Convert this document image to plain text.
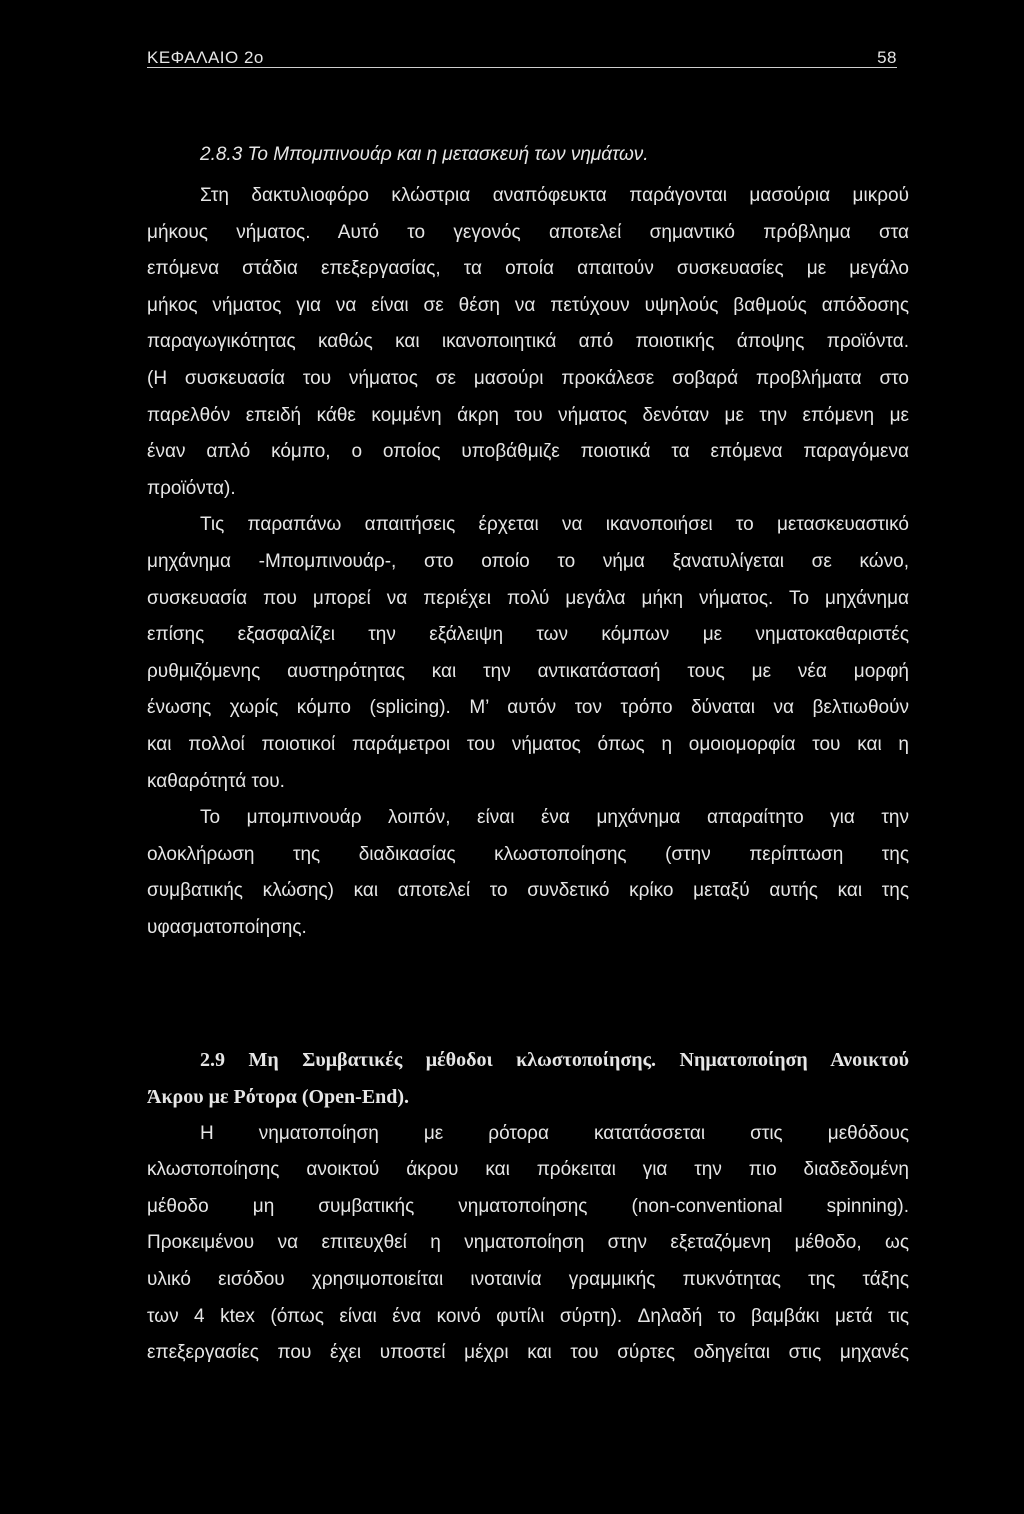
ΚΕΦΑΛΑΙΟ 2ο	58
2.8.3 Το Μπομπινουάρ και η μετασκευή των νημάτων.
Στη δακτυλιοφόρο κλώστρια αναπόφευκτα παράγονται μασούρια μικρού
μήκους νήματος. Αυτό το γεγονός αποτελεί σημαντικό πρόβλημα στα
επόμενα στάδια επεξεργασίας, τα οποία απαιτούν συσκευασίες με μεγάλο
μήκος νήματος για να είναι σε θέση να πετύχουν υψηλούς βαθμούς απόδοσης
παραγωγικότητας καθώς και ικανοποιητικά από ποιοτικής άποψης προϊόντα.
(Η συσκευασία του νήματος σε μασούρι προκάλεσε σοβαρά προβλήματα στο
παρελθόν επειδή κάθε κομμένη άκρη του νήματος δενόταν με την επόμενη με
έναν απλό κόμπο, ο οποίος υποβάθμιζε ποιοτικά τα επόμενα παραγόμενα
προϊόντα).
Τις παραπάνω απαιτήσεις έρχεται να ικανοποιήσει το μετασκευαστικό
μηχάνημα -Μπομπινουάρ-, στο οποίο το νήμα ξανατυλίγεται σε κώνο,
συσκευασία που μπορεί να περιέχει πολύ μεγάλα μήκη νήματος. Το μηχάνημα
επίσης εξασφαλίζει την εξάλειψη των κόμπων με νηματοκαθαριστές
ρυθμιζόμενης αυστηρότητας και την αντικατάστασή τους με νέα μορφή
ένωσης χωρίς κόμπο (splicing). Μ’ αυτόν τον τρόπο δύναται να βελτιωθούν
και πολλοί ποιοτικοί παράμετροι του νήματος όπως η ομοιομορφία του και η
καθαρότητά του.
Το μπομπινουάρ λοιπόν, είναι ένα μηχάνημα απαραίτητο για την
ολοκλήρωση της διαδικασίας κλωστοποίησης (στην περίπτωση της
συμβατικής κλώσης) και αποτελεί το συνδετικό κρίκο μεταξύ αυτής και της
υφασματοποίησης.
2.9 Μη Συμβατικές μέθοδοι κλωστοποίησης. Νηματοποίηση Ανοικτού
Άκρου με Ρότορα (Open-End).
Η νηματοποίηση με ρότορα κατατάσσεται στις μεθόδους
κλωστοποίησης ανοικτού άκρου και πρόκειται για την πιο διαδεδομένη
μέθοδο μη συμβατικής νηματοποίησης (non-conventional spinning).
Προκειμένου να επιτευχθεί η νηματοποίηση στην εξεταζόμενη μέθοδο, ως
υλικό εισόδου χρησιμοποιείται ινοταινία γραμμικής πυκνότητας της τάξης
των 4 ktex (όπως είναι ένα κοινό φυτίλι σύρτη). Δηλαδή το βαμβάκι μετά τις
επεξεργασίες που έχει υποστεί μέχρι και του σύρτες οδηγείται στις μηχανές
